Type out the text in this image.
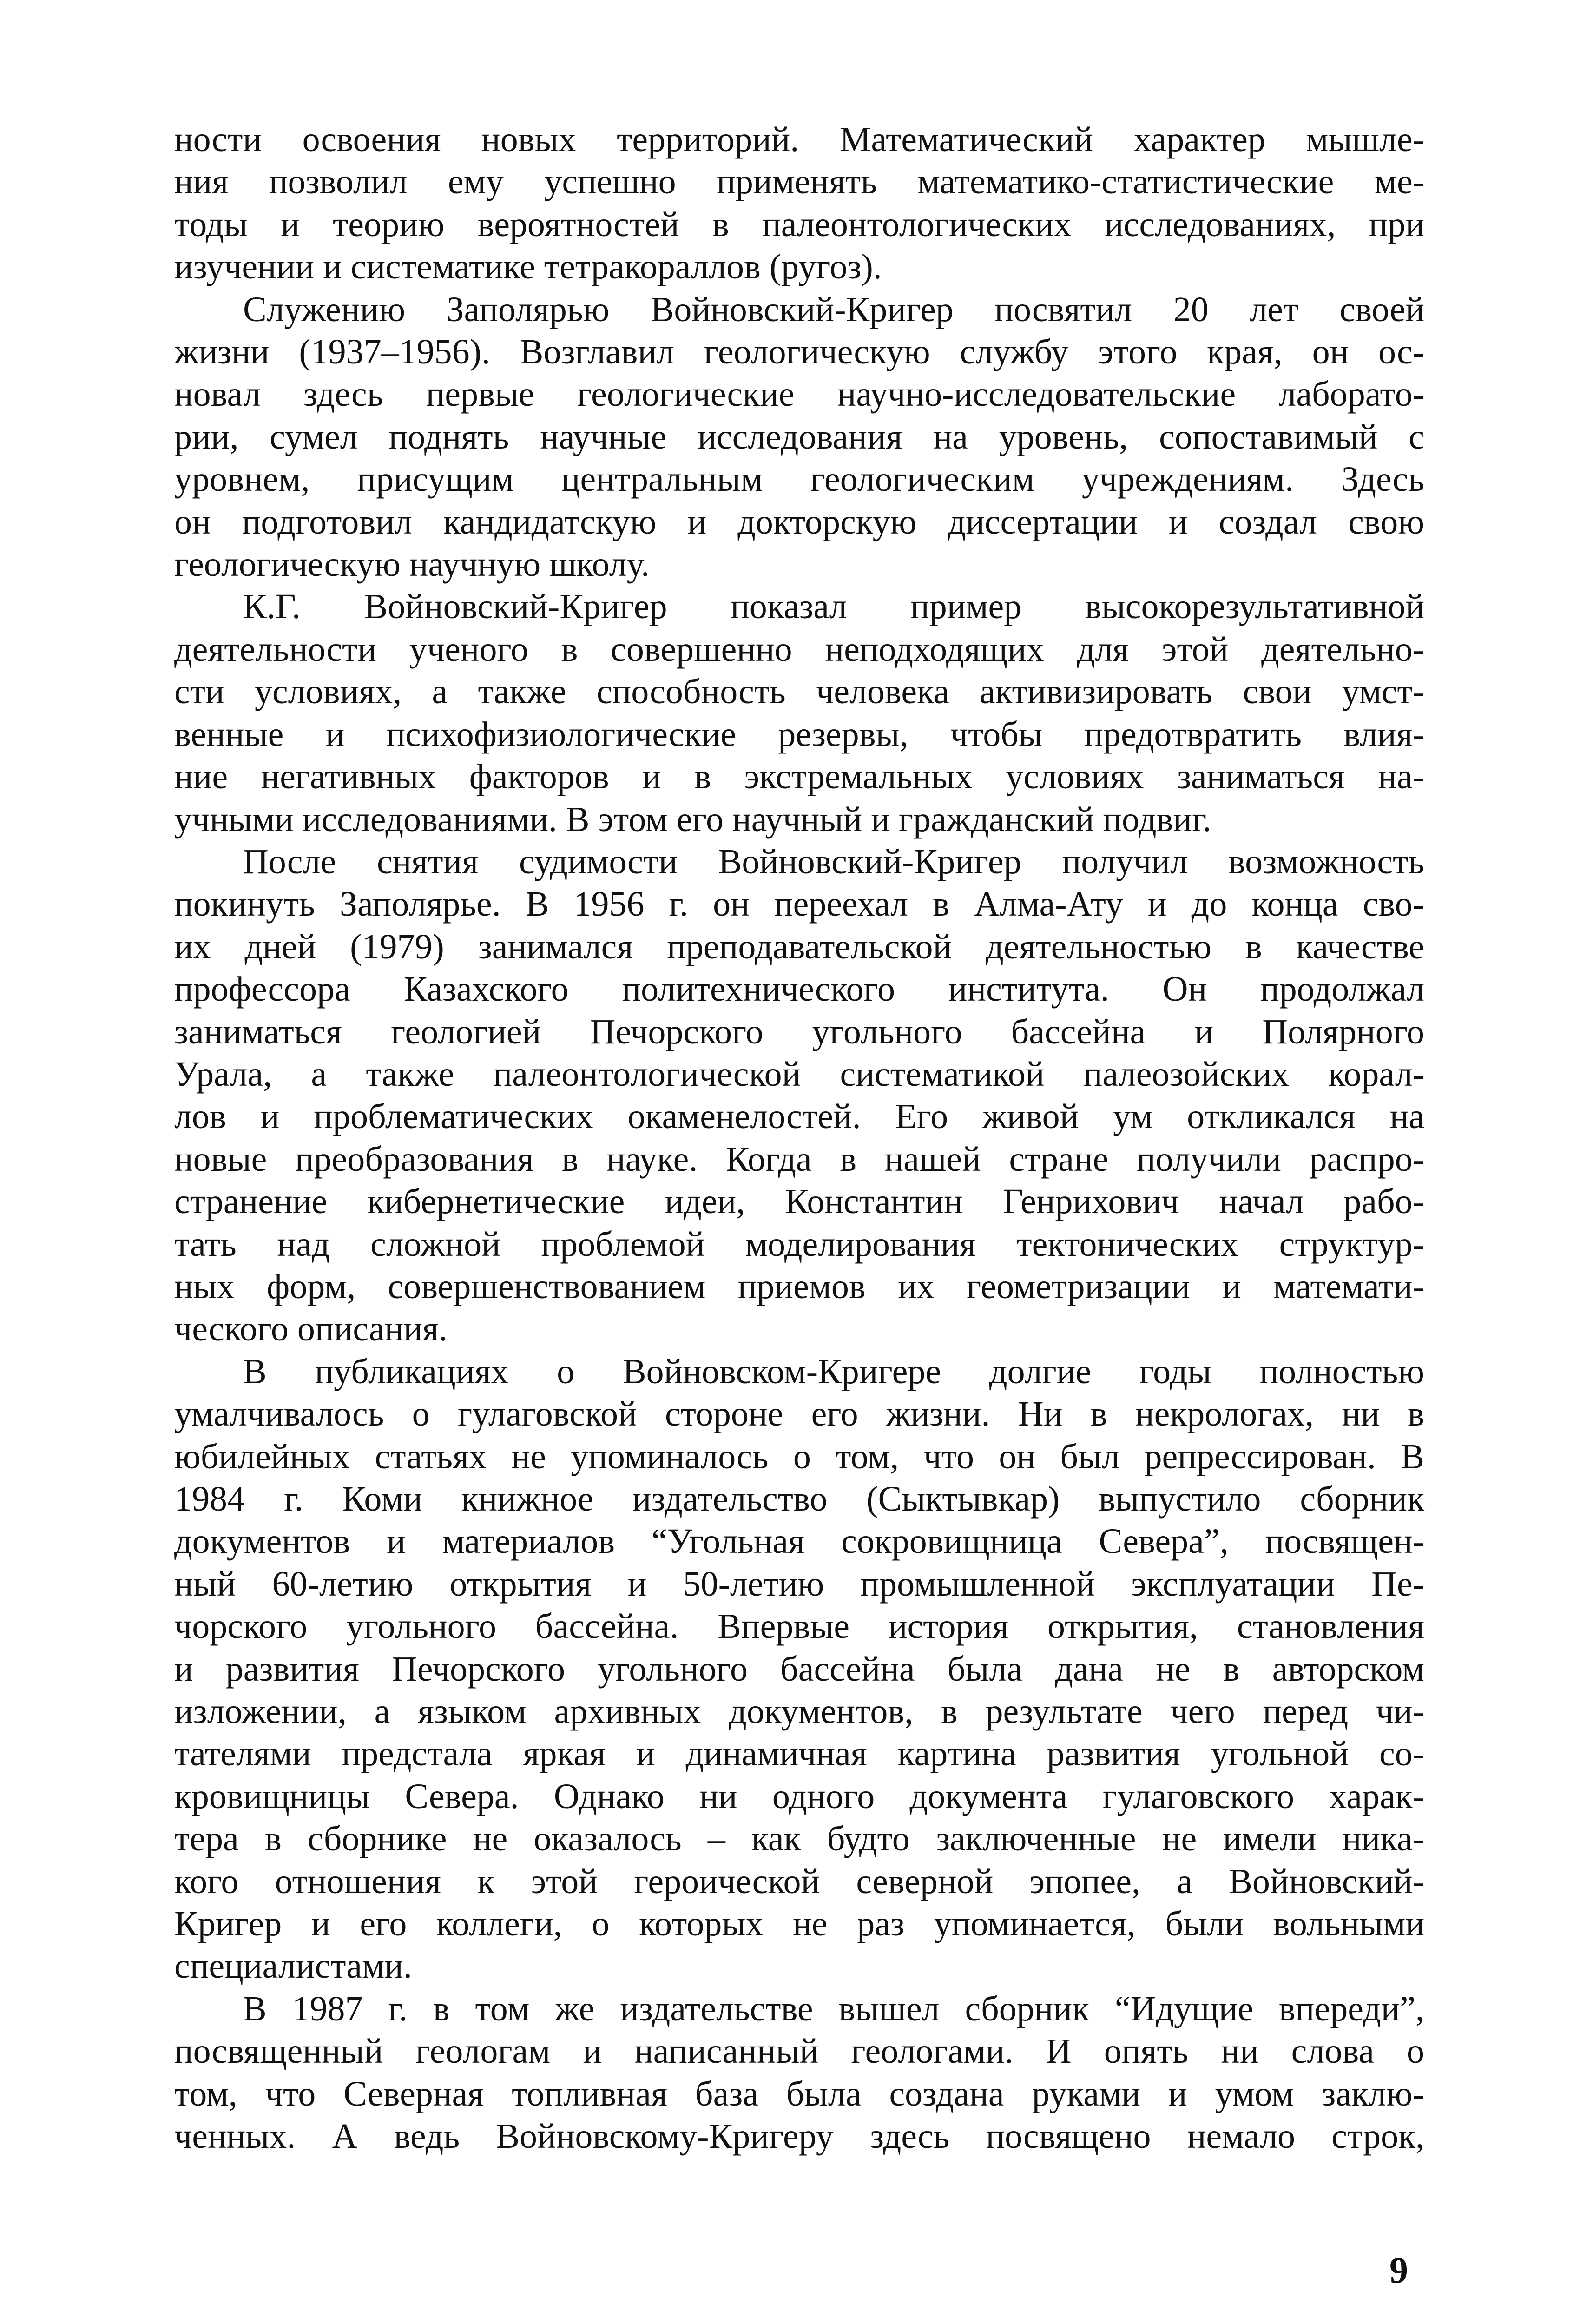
ности освоения новых территорий. Математический характер мышле-
ния позволил ему успешно применять математико-статистические ме-
тоды и теорию вероятностей в палеонтологических исследованиях, при
изучении и систематике тетракораллов (ругоз).
Служению Заполярью Войновский-Кригер посвятил 20 лет своей
жизни (1937–1956). Возглавил геологическую службу этого края, он ос-
новал здесь первые геологические научно-исследовательские лаборато-
рии, сумел поднять научные исследования на уровень, сопоставимый с
уровнем, присущим центральным геологическим учреждениям. Здесь
он подготовил кандидатскую и докторскую диссертации и создал свою
геологическую научную школу.
К.Г. Войновский-Кригер показал пример высокорезультативной
деятельности ученого в совершенно неподходящих для этой деятельно-
сти условиях, а также способность человека активизировать свои умст-
венные и психофизиологические резервы, чтобы предотвратить влия-
ние негативных факторов и в экстремальных условиях заниматься на-
учными исследованиями. В этом его научный и гражданский подвиг.
После снятия судимости Войновский-Кригер получил возможность
покинуть Заполярье. В 1956 г. он переехал в Алма-Ату и до конца сво-
их дней (1979) занимался преподавательской деятельностью в качестве
профессора Казахского политехнического института. Он продолжал
заниматься геологией Печорского угольного бассейна и Полярного
Урала, а также палеонтологической систематикой палеозойских корал-
лов и проблематических окаменелостей. Его живой ум откликался на
новые преобразования в науке. Когда в нашей стране получили распро-
странение кибернетические идеи, Константин Генрихович начал рабо-
тать над сложной проблемой моделирования тектонических структур-
ных форм, совершенствованием приемов их геометризации и математи-
ческого описания.
В публикациях о Войновском-Кригере долгие годы полностью
умалчивалось о гулаговской стороне его жизни. Ни в некрологах, ни в
юбилейных статьях не упоминалось о том, что он был репрессирован. В
1984 г. Коми книжное издательство (Сыктывкар) выпустило сборник
документов и материалов “Угольная сокровищница Севера”, посвящен-
ный 60-летию открытия и 50-летию промышленной эксплуатации Пе-
чорского угольного бассейна. Впервые история открытия, становления
и развития Печорского угольного бассейна была дана не в авторском
изложении, а языком архивных документов, в результате чего перед чи-
тателями предстала яркая и динамичная картина развития угольной со-
кровищницы Севера. Однако ни одного документа гулаговского харак-
тера в сборнике не оказалось – как будто заключенные не имели ника-
кого отношения к этой героической северной эпопее, а Войновский-
Кригер и его коллеги, о которых не раз упоминается, были вольными
специалистами.
В 1987 г. в том же издательстве вышел сборник “Идущие впереди”,
посвященный геологам и написанный геологами. И опять ни слова о
том, что Северная топливная база была создана руками и умом заклю-
ченных. А ведь Войновскому-Кригеру здесь посвящено немало строк,
9
